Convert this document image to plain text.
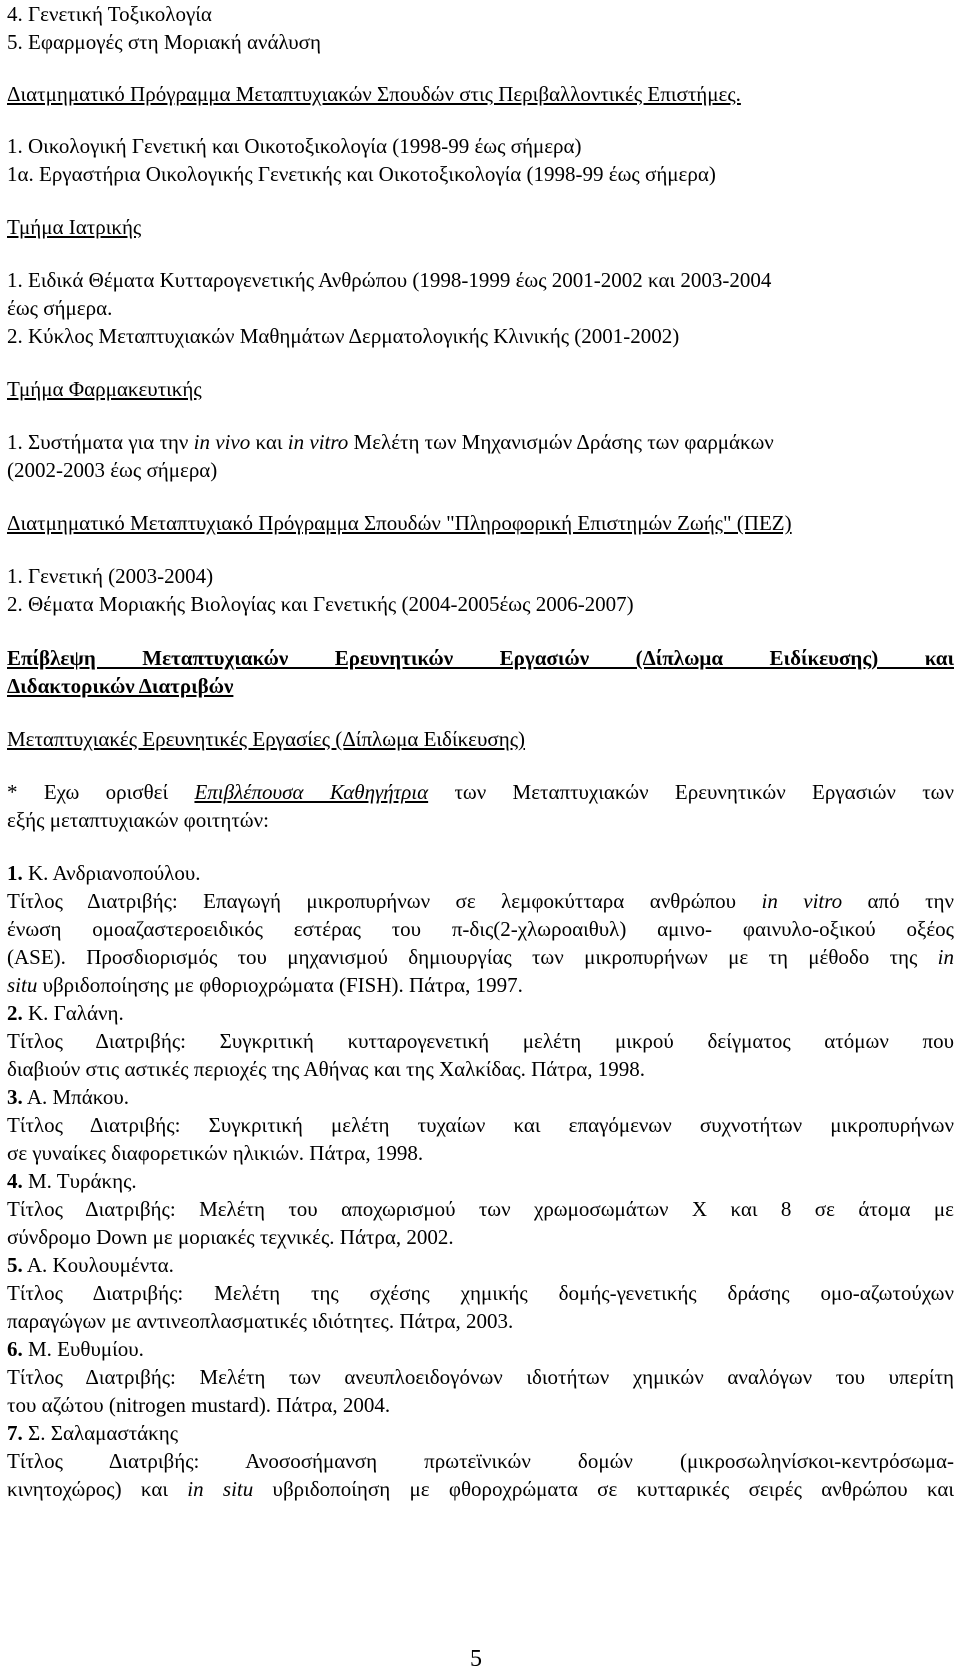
4. Γενετική Τοξικολογία
5. Εφαρμογές στη Μοριακή ανάλυση
Διατμηματικό Πρόγραμμα Μεταπτυχιακών Σπουδών στις Περιβαλλοντικές Επιστήμες.
1. Οικολογική Γενετική και Οικοτοξικολογία (1998-99 έως σήμερα)
1α. Εργαστήρια Οικολογικής Γενετικής και Οικοτοξικολογία (1998-99 έως σήμερα)
Τμήμα Ιατρικής
1. Ειδικά Θέματα Κυτταρογενετικής Ανθρώπου (1998-1999 έως 2001-2002 και 2003-2004
έως σήμερα.
2. Κύκλος Μεταπτυχιακών Μαθημάτων Δερματολογικής Κλινικής (2001-2002)
Τμήμα Φαρμακευτικής
1. Συστήματα για την in vivo και in vitro Μελέτη των Μηχανισμών Δράσης των φαρμάκων
(2002-2003 έως σήμερα)
Διατμηματικό Μεταπτυχιακό Πρόγραμμα Σπουδών "Πληροφορική Επιστημών Ζωής" (ΠΕΖ)
1. Γενετική (2003-2004)
2. Θέματα Μοριακής Βιολογίας και Γενετικής (2004-2005έως 2006-2007)
Επίβλεψη Μεταπτυχιακών Ερευνητικών Εργασιών (Δίπλωμα Ειδίκευσης) και
Διδακτορικών Διατριβών
Μεταπτυχιακές Ερευνητικές Εργασίες (Δίπλωμα Ειδίκευσης)
* Εχω ορισθεί Επιβλέπουσα Καθηγήτρια των Μεταπτυχιακών Ερευνητικών Εργασιών των
εξής μεταπτυχιακών φοιτητών:
1. Κ. Ανδριανοπούλου.
Τίτλος Διατριβής: Επαγωγή μικροπυρήνων σε λεμφοκύτταρα ανθρώπου in vitro από την
ένωση ομοαζαστεροειδικός εστέρας του π-δις(2-χλωροαιθυλ) αμινο- φαινυλο-οξικού οξέος
(ASE). Προσδιορισμός του μηχανισμού δημιουργίας των μικροπυρήνων με τη μέθοδο της in
situ υβριδοποίησης με φθοριοχρώματα (FISH). Πάτρα, 1997.
2. Κ. Γαλάνη.
Τίτλος Διατριβής: Συγκριτική κυτταρογενετική μελέτη μικρού δείγματος ατόμων που
διαβιούν στις αστικές περιοχές της Αθήνας και της Χαλκίδας. Πάτρα, 1998.
3. Α. Μπάκου.
Τίτλος Διατριβής: Συγκριτική μελέτη τυχαίων και επαγόμενων συχνοτήτων μικροπυρήνων
σε γυναίκες διαφορετικών ηλικιών. Πάτρα, 1998.
4. Μ. Τυράκης.
Τίτλος Διατριβής: Μελέτη του αποχωρισμού των χρωμοσωμάτων Χ και 8 σε άτομα με
σύνδρομο Down με μοριακές τεχνικές. Πάτρα, 2002.
5. Α. Κουλουμέντα.
Τίτλος Διατριβής: Μελέτη της σχέσης χημικής δομής-γενετικής δράσης ομο-αζωτούχων
παραγώγων με αντινεοπλασματικές ιδιότητες. Πάτρα, 2003.
6. Μ. Ευθυμίου.
Τίτλος Διατριβής: Μελέτη των ανευπλοειδογόνων ιδιοτήτων χημικών αναλόγων του υπερίτη
του αζώτου (nitrogen mustard). Πάτρα, 2004.
7. Σ. Σαλαμαστάκης
Τίτλος Διατριβής: Ανοσοσήμανση πρωτεϊνικών δομών (μικροσωληνίσκοι-κεντρόσωμα-
κινητοχώρος) και in situ υβριδοποίηση με φθοροχρώματα σε κυτταρικές σειρές ανθρώπου και
5
